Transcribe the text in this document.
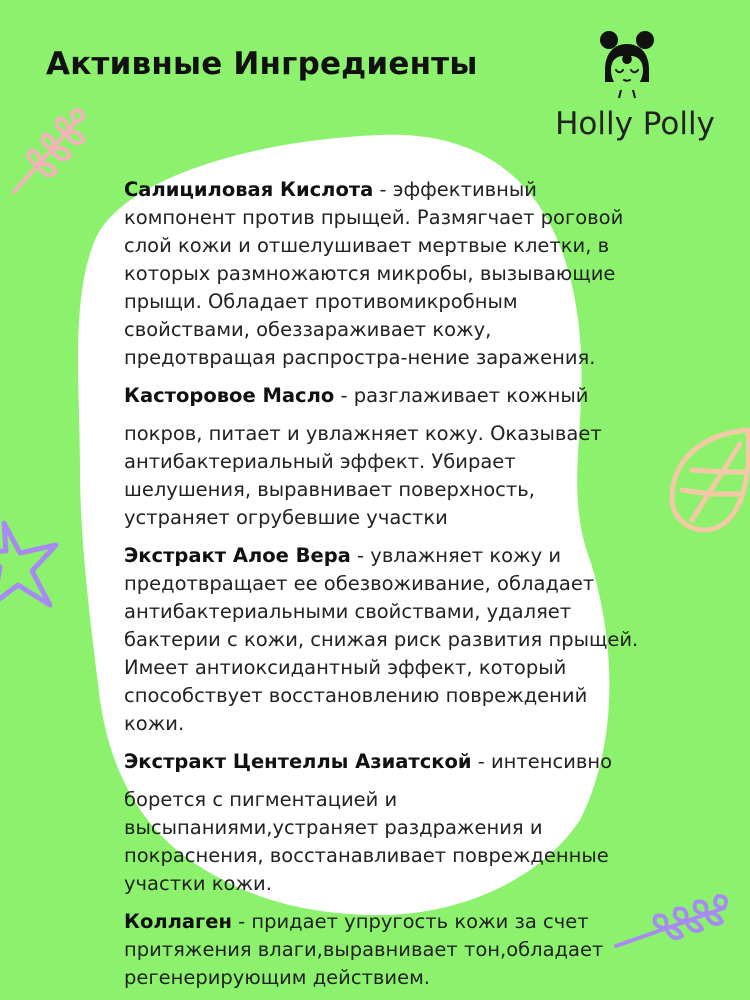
Активные Ингредиенты
Holly Polly

Салициловая Кислота - эффективный
компонент против прыщей. Размягчает роговой слой кожи и отшелушивает мертвые клетки, в которых размножаются микробы, вызывающие прыщи. Обладает противомикробным свойствами, обеззараживает кожу, предотвращая распростра-нение заражения.

Касторовое Масло - разглаживает кожный
покров, питает и увлажняет кожу. Оказывает антибактериальный эффект. Убирает шелушения, выравнивает поверхность, устраняет огрубевшие участки

Экстракт Алое Вера - увлажняет кожу и
предотвращает ее обезвоживание, обладает антибактериальными свойствами, удаляет бактерии с кожи, снижая риск развития прыщей. Имеет антиоксидантный эффект, который способствует восстановлению повреждений кожи.

Экстракт Центеллы Азиатской - интенсивно
борется с пигментацией и высыпаниями,устраняет раздражения и покраснения, восстанавливает поврежденные участки кожи.

Коллаген - придает упругость кожи за счет
притяжения влаги,выравнивает тон,обладает регенерирующим действием.
